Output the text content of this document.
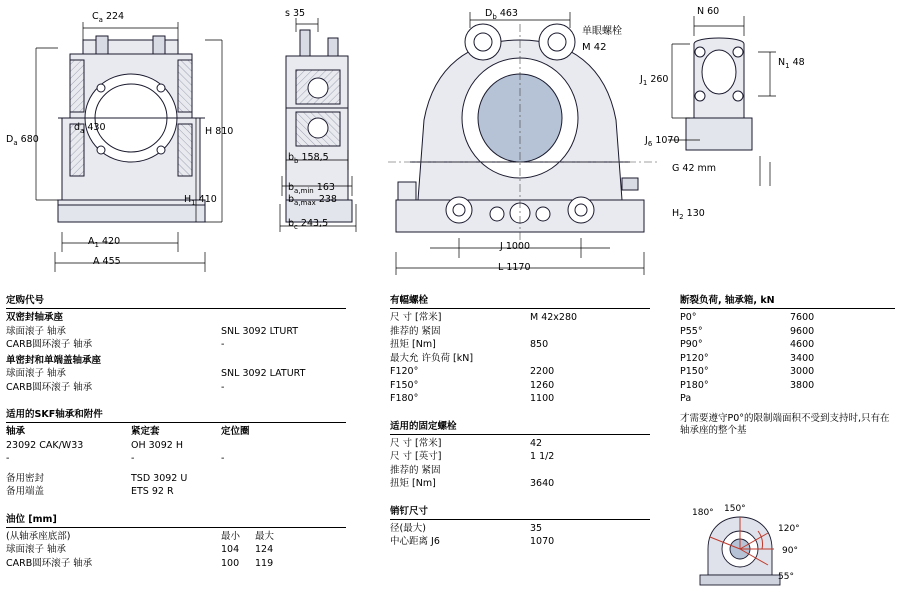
$C_a$ 224	s 35	$D_b$ 463	N 60
单眼螺栓
M 42
$N_1$ 48
$J_1$ 260
$D_a$ 680
$d_a$ 430	H 810
$J_6$ 1070
G 42 mm
$b_b$ 158,5
$b_{a,min}$ 163
$b_{a,max}$ 238
$b_c$ 243,5
$H_1$ 410
$H_2$ 130
$A_1$ 420
A 455
J 1000
L 1170
定购代号
双密封轴承座	
球面滚子 轴承	SNL 3092 LTURT
CARB圆环滚子 轴承	-
单密封和单端盖轴承座	
球面滚子 轴承	SNL 3092 LATURT
CARB圆环滚子 轴承	-
适用的SKF轴承和附件
轴承	紧定套	定位圈
23092 CAK/W33	OH 3092 H	
-	-	-
备用密封	TSD 3092 U	
备用端盖	ETS 92 R	
油位 [mm]
(从轴承座底部)	最小	最大
球面滚子 轴承	104	124
CARB圆环滚子 轴承	100	119
有幅螺栓
尺 寸 [常米]	M 42x280
推荐的 紧固	
扭矩 [Nm]	850
最大允 许负荷 [kN]	
F120°	2200
F150°	1260
F180°	1100
适用的固定螺栓
尺 寸 [常米]	42
尺 寸 [英寸]	1 1/2
推荐的 紧固	
扭矩 [Nm]	3640
销钉尺寸
径(最大)	35
中心距离 J6	1070
断裂负荷, 轴承箱, kN
P0°	7600
P55°	9600
P90°	4600
P120°	3400
P150°	3000
P180°	3800
Pa	
才需要遵守P0°的限制端面积不受到支持时,只有在轴承座的整个基
180° 150°
120°
90°
55°
